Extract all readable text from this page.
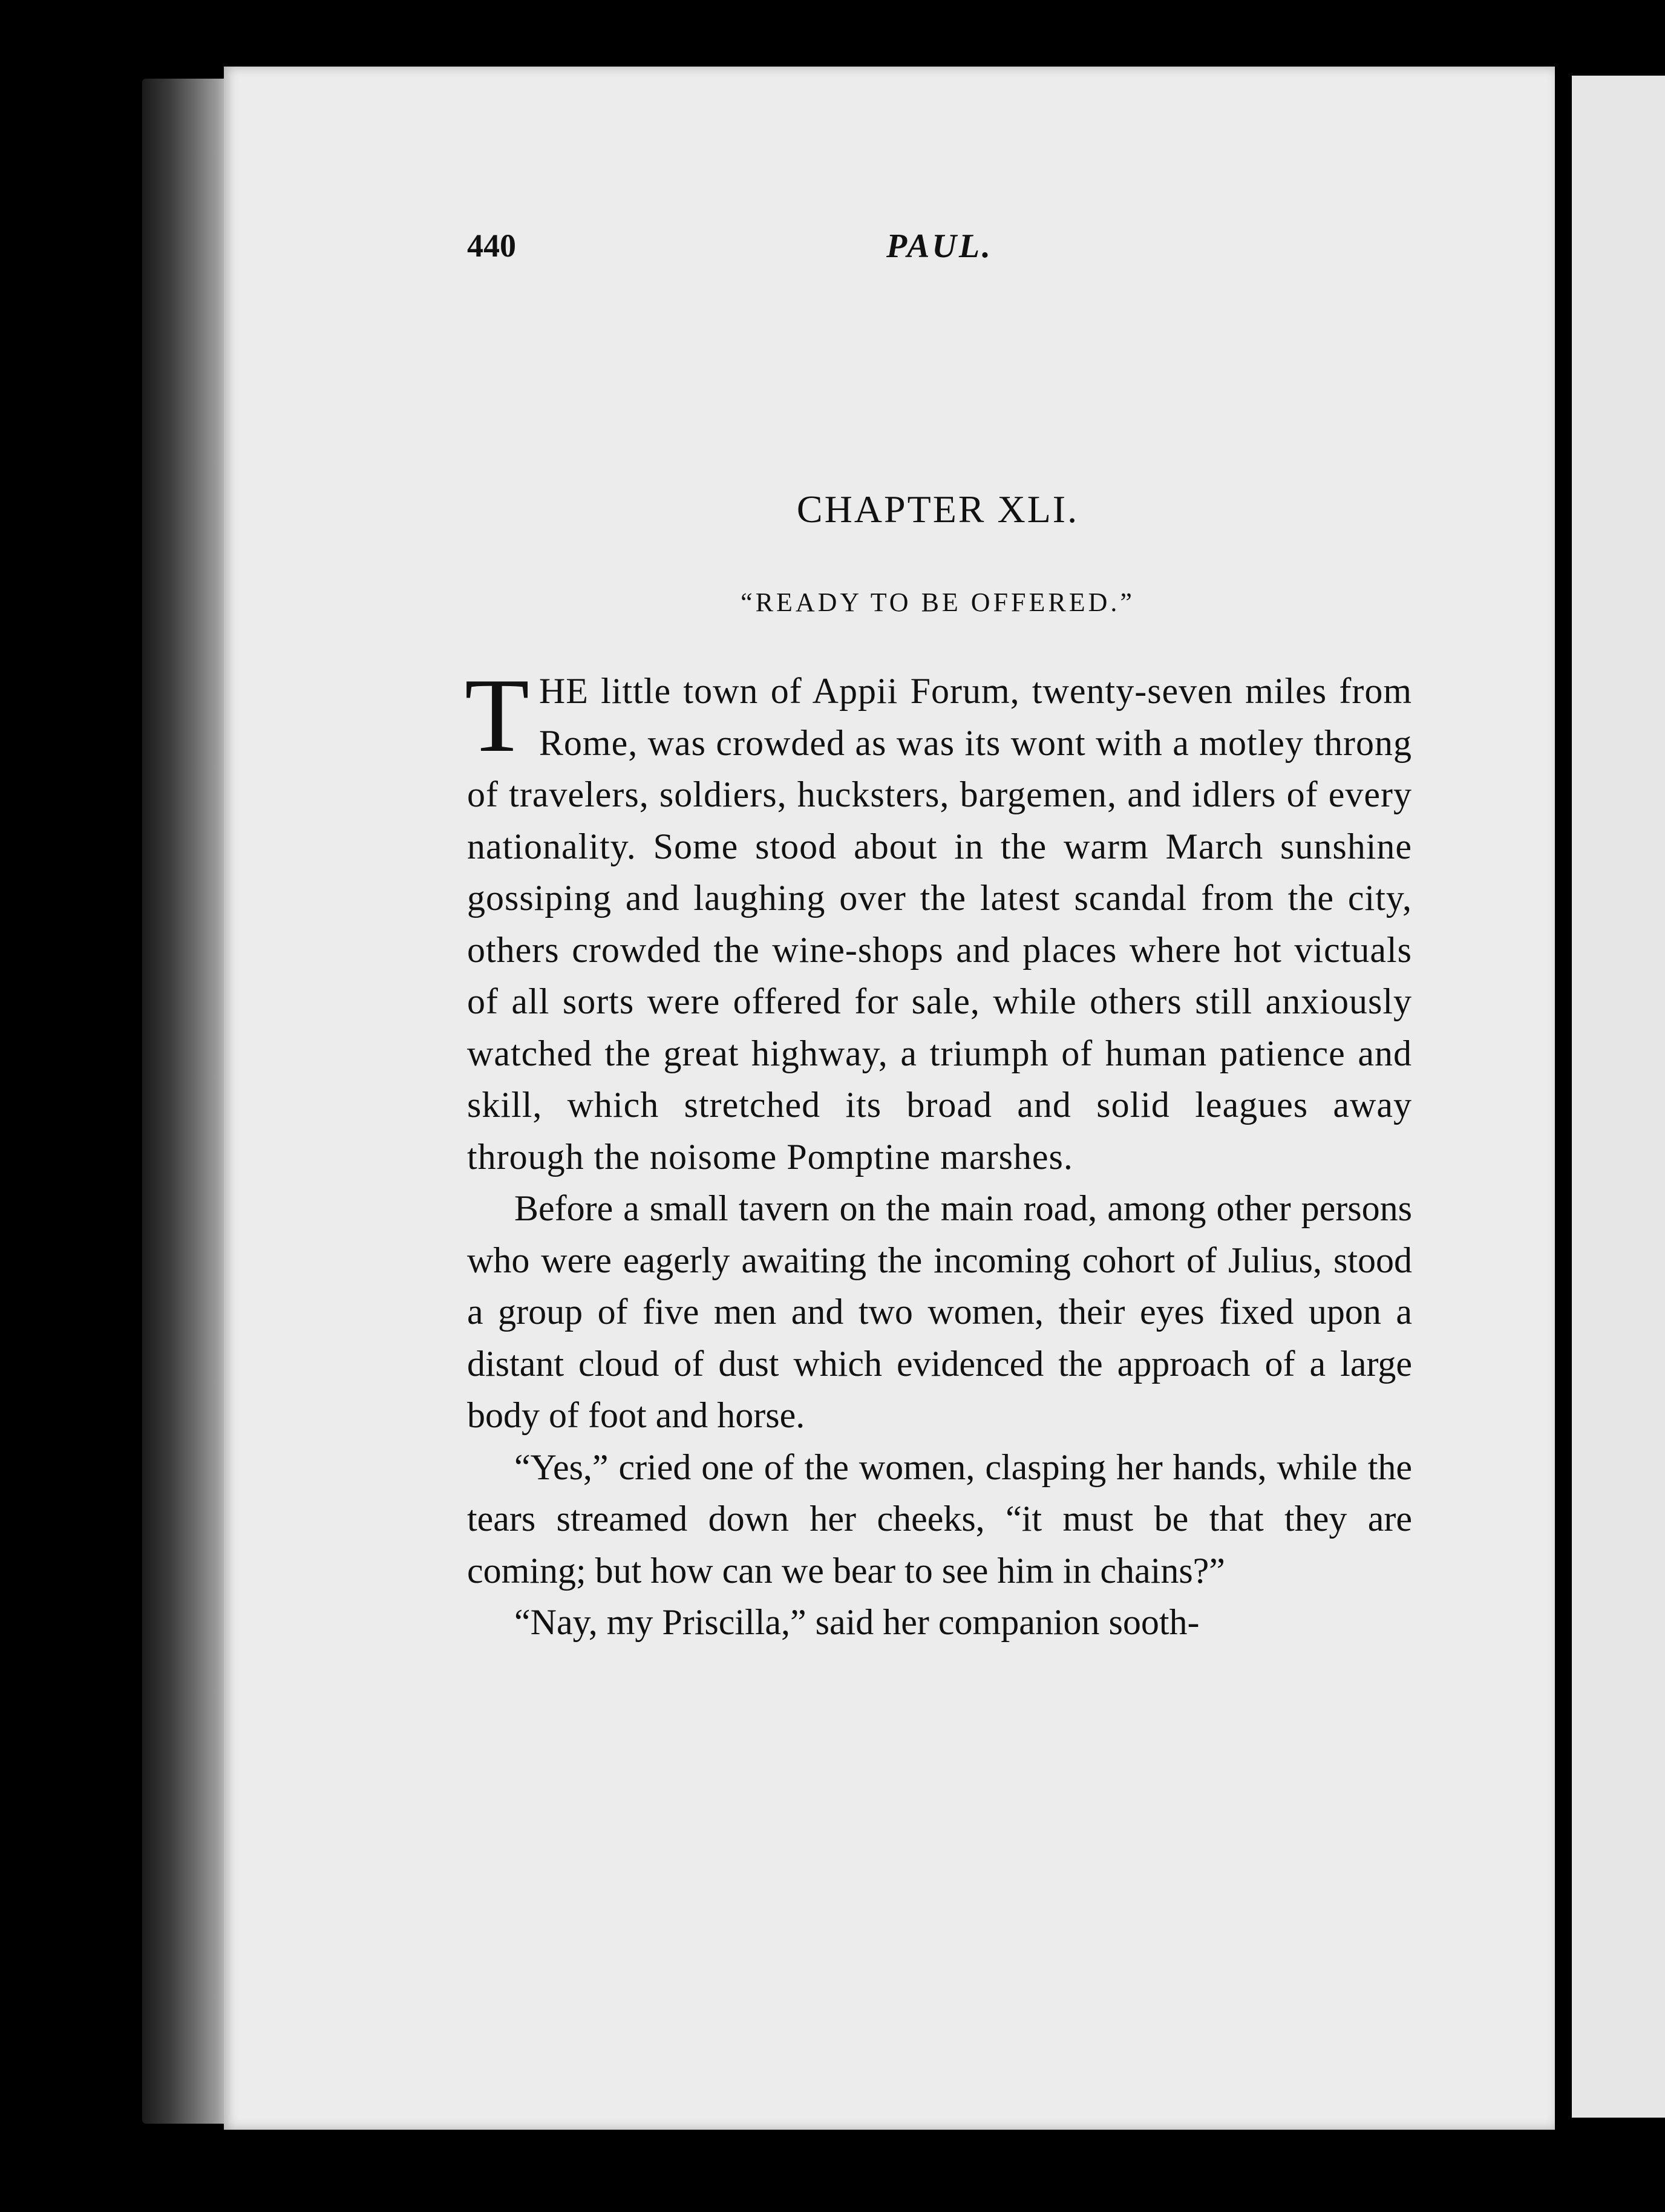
440	PAUL.
CHAPTER XLI.
“READY TO BE OFFERED.”

THE little town of Appii Forum, twenty-seven miles from Rome, was crowded as was its wont with a motley throng of travelers, soldiers, hucksters, bargemen, and idlers of every nationality. Some stood about in the warm March sunshine gossiping and laughing over the latest scandal from the city, others crowded the wine-shops and places where hot victuals of all sorts were offered for sale, while others still anxiously watched the great highway, a triumph of human patience and skill, which stretched its broad and solid leagues away through the noisome Pomptine marshes.

Before a small tavern on the main road, among other persons who were eagerly awaiting the incoming cohort of Julius, stood a group of five men and two women, their eyes fixed upon a distant cloud of dust which evidenced the approach of a large body of foot and horse.

“Yes,” cried one of the women, clasping her hands, while the tears streamed down her cheeks, “it must be that they are coming; but how can we bear to see him in chains?”

“Nay, my Priscilla,” said her companion sooth-
